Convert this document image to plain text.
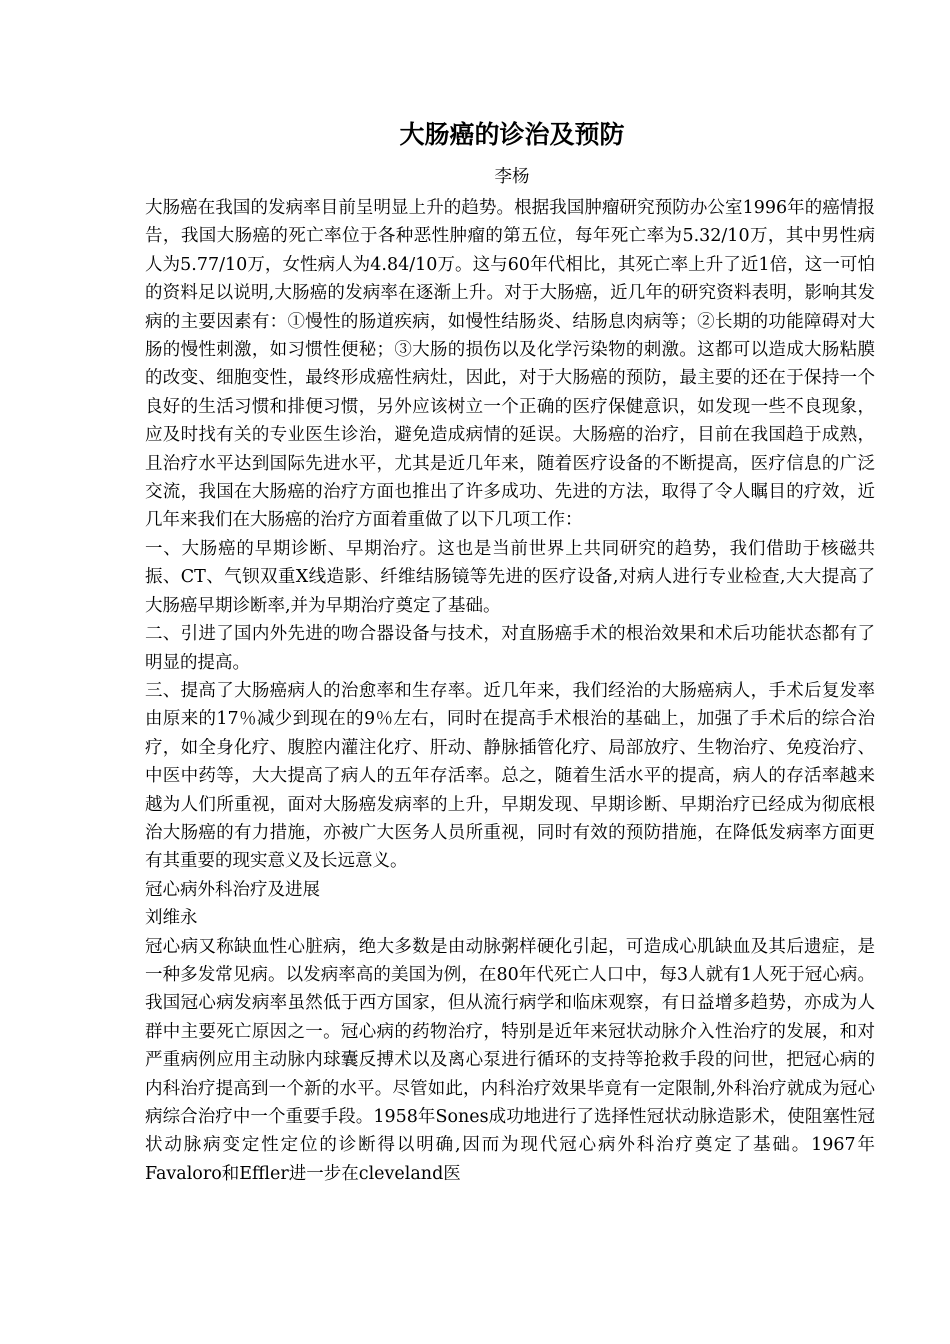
大肠癌的诊治及预防
李杨

大肠癌在我国的发病率目前呈明显上升的趋势。根据我国肿瘤研究预防办公室1996年的癌情报告，我国大肠癌的死亡率位于各种恶性肿瘤的第五位，每年死亡率为5.32/10万，其中男性病人为5.77/10万，女性病人为4.84/10万。这与60年代相比，其死亡率上升了近1倍，这一可怕的资料足以说明,大肠癌的发病率在逐渐上升。对于大肠癌，近几年的研究资料表明，影响其发病的主要因素有：①慢性的肠道疾病，如慢性结肠炎、结肠息肉病等；②长期的功能障碍对大肠的慢性刺激，如习惯性便秘；③大肠的损伤以及化学污染物的刺激。这都可以造成大肠粘膜的改变、细胞变性，最终形成癌性病灶，因此，对于大肠癌的预防，最主要的还在于保持一个良好的生活习惯和排便习惯，另外应该树立一个正确的医疗保健意识，如发现一些不良现象，应及时找有关的专业医生诊治，避免造成病情的延误。大肠癌的治疗，目前在我国趋于成熟，且治疗水平达到国际先进水平，尤其是近几年来，随着医疗设备的不断提高，医疗信息的广泛交流，我国在大肠癌的治疗方面也推出了许多成功、先进的方法，取得了令人瞩目的疗效，近几年来我们在大肠癌的治疗方面着重做了以下几项工作：

一、大肠癌的早期诊断、早期治疗。这也是当前世界上共同研究的趋势，我们借助于核磁共振、CT、气钡双重X线造影、纤维结肠镜等先进的医疗设备,对病人进行专业检查,大大提高了大肠癌早期诊断率,并为早期治疗奠定了基础。

二、引进了国内外先进的吻合器设备与技术，对直肠癌手术的根治效果和术后功能状态都有了明显的提高。

三、提高了大肠癌病人的治愈率和生存率。近几年来，我们经治的大肠癌病人，手术后复发率由原来的17％减少到现在的9％左右，同时在提高手术根治的基础上，加强了手术后的综合治疗，如全身化疗、腹腔内灌注化疗、肝动、静脉插管化疗、局部放疗、生物治疗、免疫治疗、中医中药等，大大提高了病人的五年存活率。总之，随着生活水平的提高，病人的存活率越来越为人们所重视，面对大肠癌发病率的上升，早期发现、早期诊断、早期治疗已经成为彻底根治大肠癌的有力措施，亦被广大医务人员所重视，同时有效的预防措施，在降低发病率方面更有其重要的现实意义及长远意义。

冠心病外科治疗及进展

刘维永

冠心病又称缺血性心脏病，绝大多数是由动脉粥样硬化引起，可造成心肌缺血及其后遗症，是一种多发常见病。以发病率高的美国为例，在80年代死亡人口中，每3人就有1人死于冠心病。我国冠心病发病率虽然低于西方国家，但从流行病学和临床观察，有日益增多趋势，亦成为人群中主要死亡原因之一。冠心病的药物治疗，特别是近年来冠状动脉介入性治疗的发展，和对严重病例应用主动脉内球囊反搏术以及离心泵进行循环的支持等抢救手段的问世，把冠心病的内科治疗提高到一个新的水平。尽管如此，内科治疗效果毕竟有一定限制,外科治疗就成为冠心病综合治疗中一个重要手段。1958年Sones成功地进行了选择性冠状动脉造影术，使阻塞性冠状动脉病变定性定位的诊断得以明确,因而为现代冠心病外科治疗奠定了基础。1967年Favaloro和Effler进一步在cleveland医
